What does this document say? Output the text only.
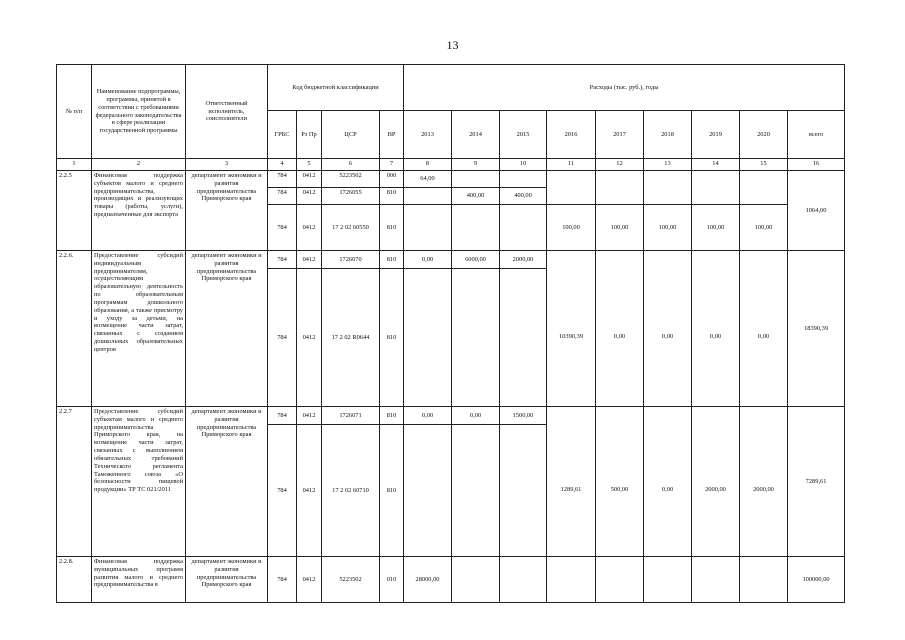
13
№ п/п	Наименование подпрограммы, программы, принятой в соответствии с требованиями федерального законодательства в сфере реализации государственной программы	Ответственный исполнитель, соисполнители	Код бюджетной классификации				Расходы (тыс. руб.), годы								
			ГРБС	Рз Пр	ЦСР	ВР	2013	2014	2015	2016	2017	2018	2019	2020	всего
1	2	3	4	5	6	7	8	9	10	11	12	13	14	15	16
2.2.5	Финансовая поддержка субъектов малого и среднего предпринимательства, производящих и реализующих товары (работы, услуги), предназначенные для экспорта	департамент экономики и развития предпринимательства Приморского края	784	0412	5223502	000	64,00								1064,00
			784	0412	1726055	810		400,00	400,00						
			784	0412	17 2 02 60550	810				100,00	100,00	100,00	100,00	100,00	
2.2.6.	Предоставление субсидий индивидуальным предпринимателям, осуществляющим образовательную деятельность по образовательным программам дошкольного образования, а также присмотру и уходу за детьми, на возмещение части затрат, связанных с созданием дошкольных образовательных центров	департамент экономики и развития предпринимательства Приморского края	784	0412	1726070	810	0,00	6000,00	2000,00						18390,39
			784	0412	17 2 02 R0644	810				10390,39	0,00	0,00	0,00	0,00	
2.2.7	Предоставление субсидий субъектам малого и среднего предпринимательства Приморского края, на возмещение части затрат, связанных с выполнением обязательных требований Технического регламента Таможенного союза «О безопасности пищевой продукции» ТР ТС 021/2011	департамент экономики и развития предпринимательства Приморского края	784	0412	1726071	810	0,00	0,00	1500,00						7289,61
			784	0412	17 2 02 60710	810				1289,61	500,00	0,00	2000,00	2000,00	
2.2.8.	Финансовая поддержка муниципальных программ развития малого и среднего предпринимательства в	департамент экономики и развития предпринимательства Приморского края	784	0412	5223502	010	28000,00								100000,00
